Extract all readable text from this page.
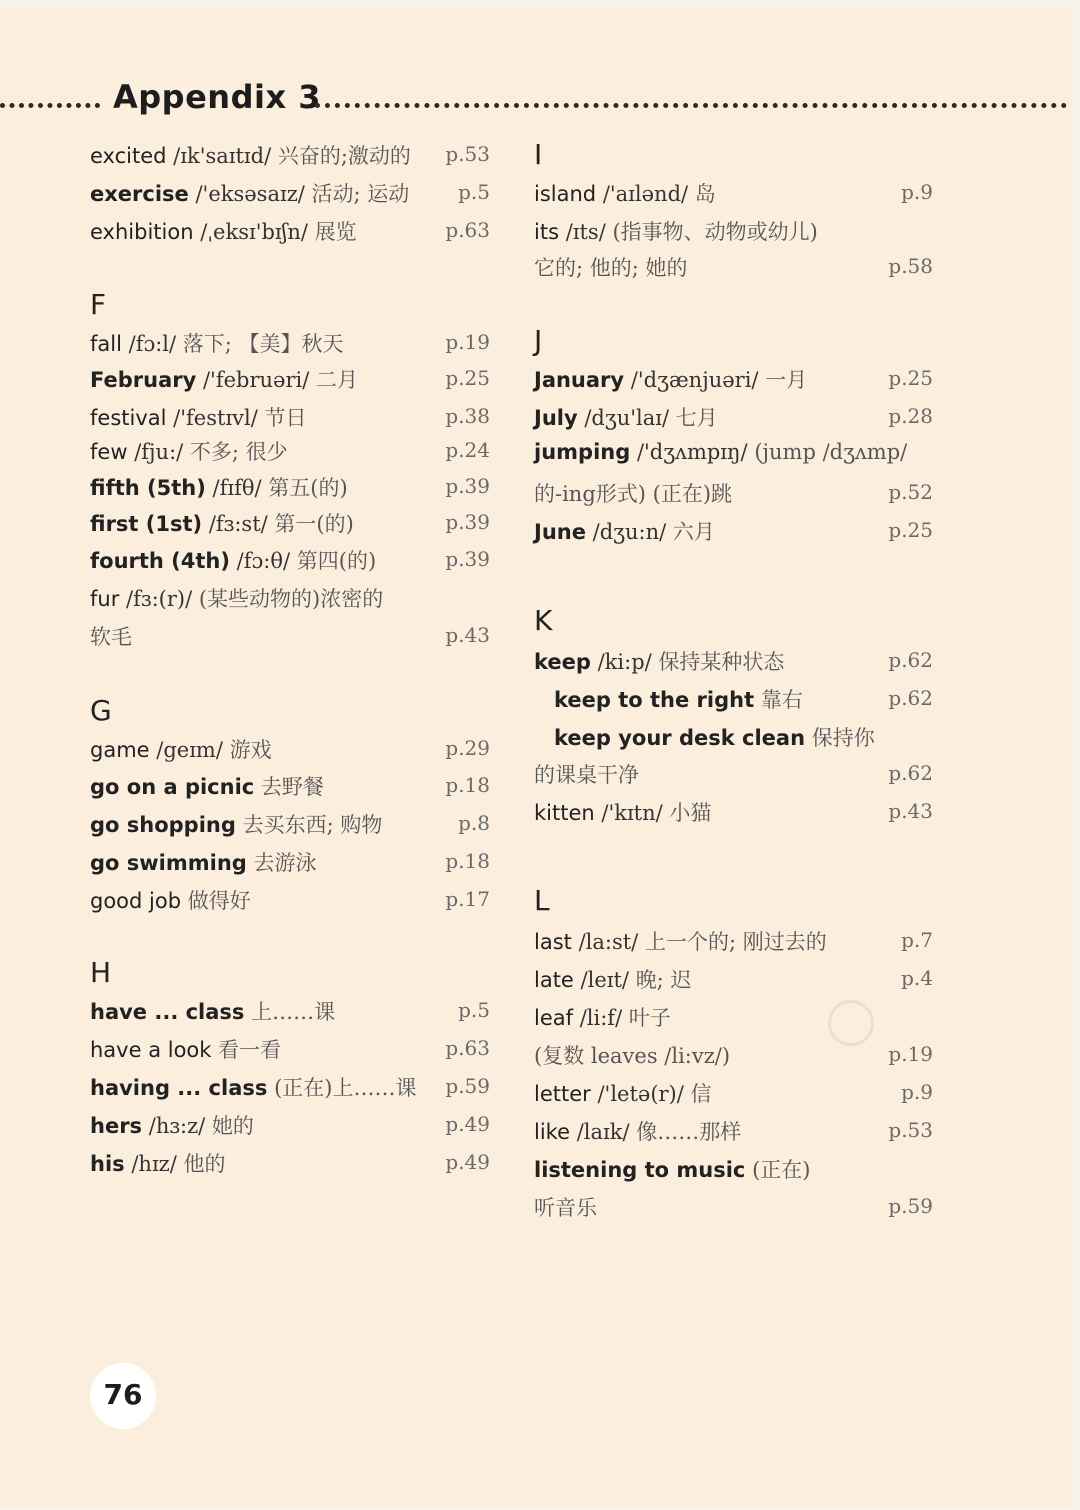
Appendix 3
excited /ɪk'saɪtɪd/ 兴奋的;激动的 p.53
exercise /'eksəsaɪz/ 活动; 运动 p.5
exhibition /ˌeksɪ'bɪʃn/ 展览	p.63
F
fall /fɔ:l/ 落下; 【美】秋天	p.19
February /'februəri/ 二月	p.25
festival /'festɪvl/ 节日	p.38
few /fju:/ 不多; 很少	p.24
fifth (5th) /fɪfθ/ 第五(的)	p.39
first (1st) /fɜ:st/ 第一(的)	p.39
fourth (4th) /fɔ:θ/ 第四(的)	p.39
fur /fɜ:(r)/ (某些动物的)浓密的
软毛	p.43
G
game /geɪm/ 游戏	p.29
go on a picnic 去野餐	p.18
go shopping 去买东西; 购物	p.8
go swimming 去游泳	p.18
good job 做得好	p.17
H
have ... class 上……课	p.5
have a look 看一看	p.63
having ... class (正在)上……课 p.59
hers /hɜ:z/ 她的	p.49
his /hɪz/ 他的	p.49
I
island /'aɪlənd/ 岛	p.9
its /ɪts/ (指事物、动物或幼儿)
它的; 他的; 她的	p.58
J
January /'dʒænjuəri/ 一月	p.25
July /dʒu'laɪ/ 七月	p.28
jumping /'dʒʌmpɪŋ/ (jump /dʒʌmp/
的-ing形式) (正在)跳	p.52
June /dʒu:n/ 六月	p.25
K
keep /ki:p/ 保持某种状态	p.62
keep to the right 靠右	p.62
keep your desk clean 保持你
的课桌干净	p.62
kitten /'kɪtn/ 小猫	p.43
L
last /la:st/ 上一个的; 刚过去的	p.7
late /leɪt/ 晚; 迟	p.4
leaf /li:f/ 叶子
(复数 leaves /li:vz/)	p.19
letter /'letə(r)/ 信	p.9
like /laɪk/ 像……那样	p.53
listening to music (正在)
听音乐	p.59
76
